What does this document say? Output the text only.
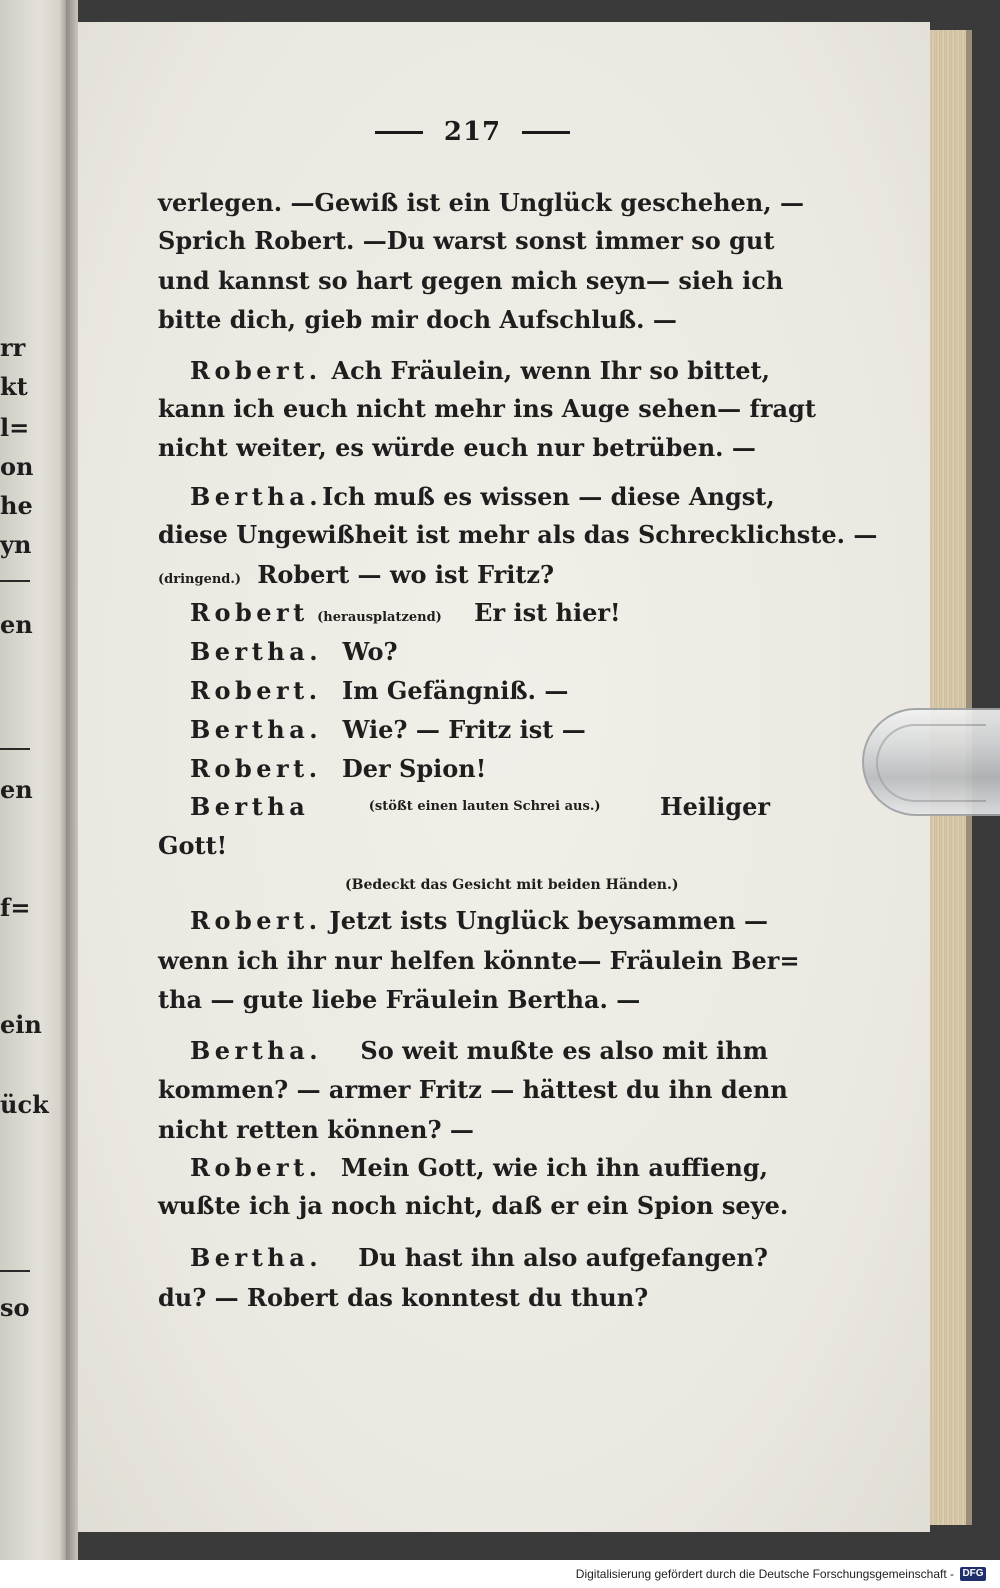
rr
kt
l=
on
he
yn
en
en
f=
ein
ück
so
217
verlegen. — Gewiß ist ein Unglück geschehen, —
Sprich Robert. — Du warst sonst immer so gut
und kannst so hart gegen mich seyn — sieh ich
bitte dich, gieb mir doch Aufschluß. —
Robert. Ach Fräulein, wenn Ihr so bittet,
kann ich euch nicht mehr ins Auge sehen — fragt
nicht weiter, es würde euch nur betrüben. —
Bertha. Ich muß es wissen — diese Angst,
diese Ungewißheit ist mehr als das Schrecklichste. —
(dringend.) Robert — wo ist Fritz?
Robert (herausplatzend) Er ist hier!
Bertha. Wo?
Robert. Im Gefängniß. —
Bertha. Wie? — Fritz ist —
Robert. Der Spion!
Bertha	(stößt einen lauten Schrei aus.) Heiliger
Gott!
(Bedeckt das Gesicht mit beiden Händen.)
Robert. Jetzt ists Unglück beysammen —
wenn ich ihr nur helfen könnte — Fräulein Ber=
tha — gute liebe Fräulein Bertha. —
Bertha. So weit mußte es also mit ihm
kommen? — armer Fritz — hättest du ihn denn
nicht retten können? —
Robert. Mein Gott, wie ich ihn auffieng,
wußte ich ja noch nicht, daß er ein Spion seye.
Bertha. Du hast ihn also aufgefangen?
du? — Robert das konntest du thun?
Digitalisierung gefördert durch die Deutsche Forschungsgemeinschaft - DFG
